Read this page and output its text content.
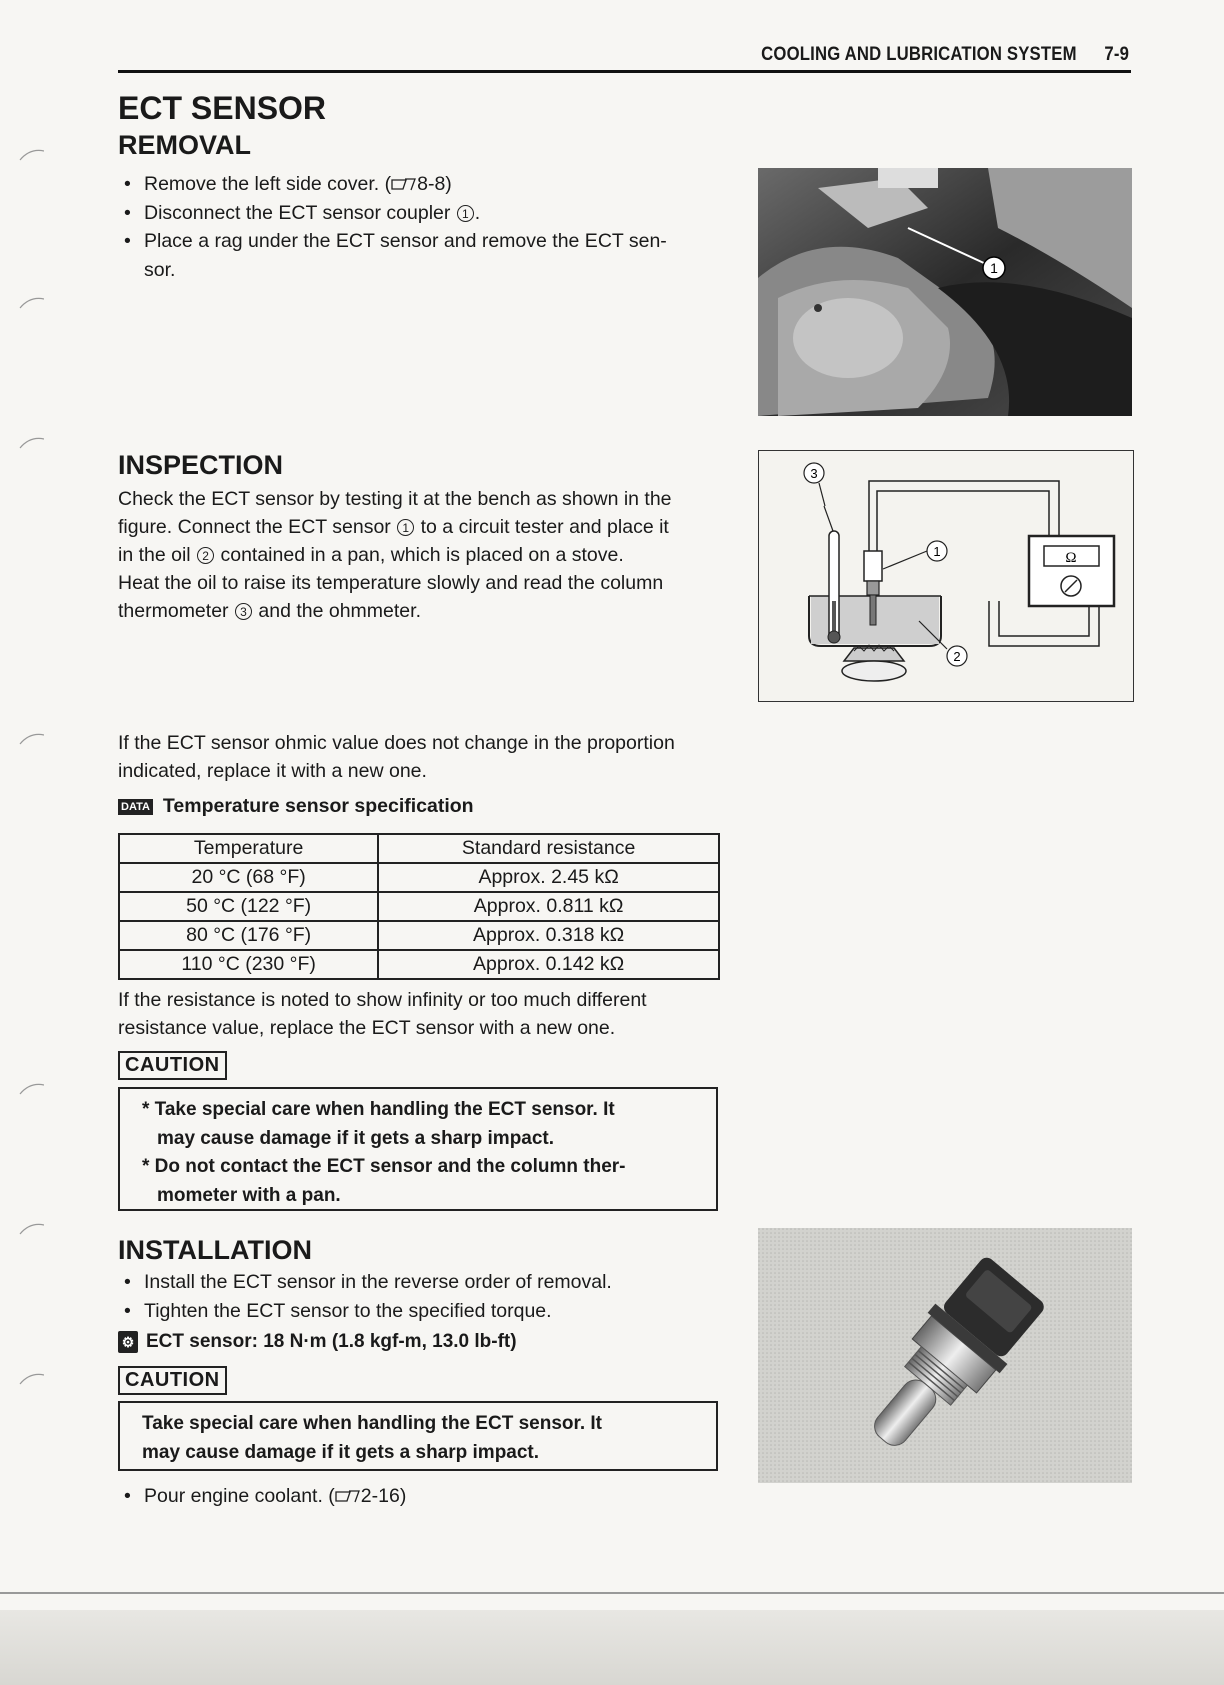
COOLING AND LUBRICATION SYSTEM 7-9
ECT SENSOR
REMOVAL
• Remove the left side cover. ( 8-8)
• Disconnect the ECT sensor coupler 1 .
• Place a rag under the ECT sensor and remove the ECT sen-
sor.	1
INSPECTION
Check the ECT sensor by testing it at the bench as shown in the
figure. Connect the ECT sensor 1 to a circuit tester and place it
in the oil 2 contained in a pan, which is placed on a stove.
Heat the oil to raise its temperature slowly and read the column
thermometer 3 and the ohmmeter.
3
1	Ω
2
If the ECT sensor ohmic value does not change in the proportion
indicated, replace it with a new one.
DATA Temperature sensor specification
Temperature	Standard resistance
20 °C (68 °F)	Approx. 2.45 kΩ
50 °C (122 °F)	Approx. 0.811 kΩ
80 °C (176 °F)	Approx. 0.318 kΩ
110 °C (230 °F)	Approx. 0.142 kΩ
If the resistance is noted to show infinity or too much different
resistance value, replace the ECT sensor with a new one.
CAUTION
* Take special care when handling the ECT sensor. It
may cause damage if it gets a sharp impact.
* Do not contact the ECT sensor and the column ther-
mometer with a pan.
INSTALLATION
• Install the ECT sensor in the reverse order of removal.
• Tighten the ECT sensor to the specified torque.
⚙ ECT sensor: 18 N·m (1.8 kgf-m, 13.0 lb-ft)
CAUTION
Take special care when handling the ECT sensor. It
may cause damage if it gets a sharp impact.
• Pour engine coolant. ( 2-16)
